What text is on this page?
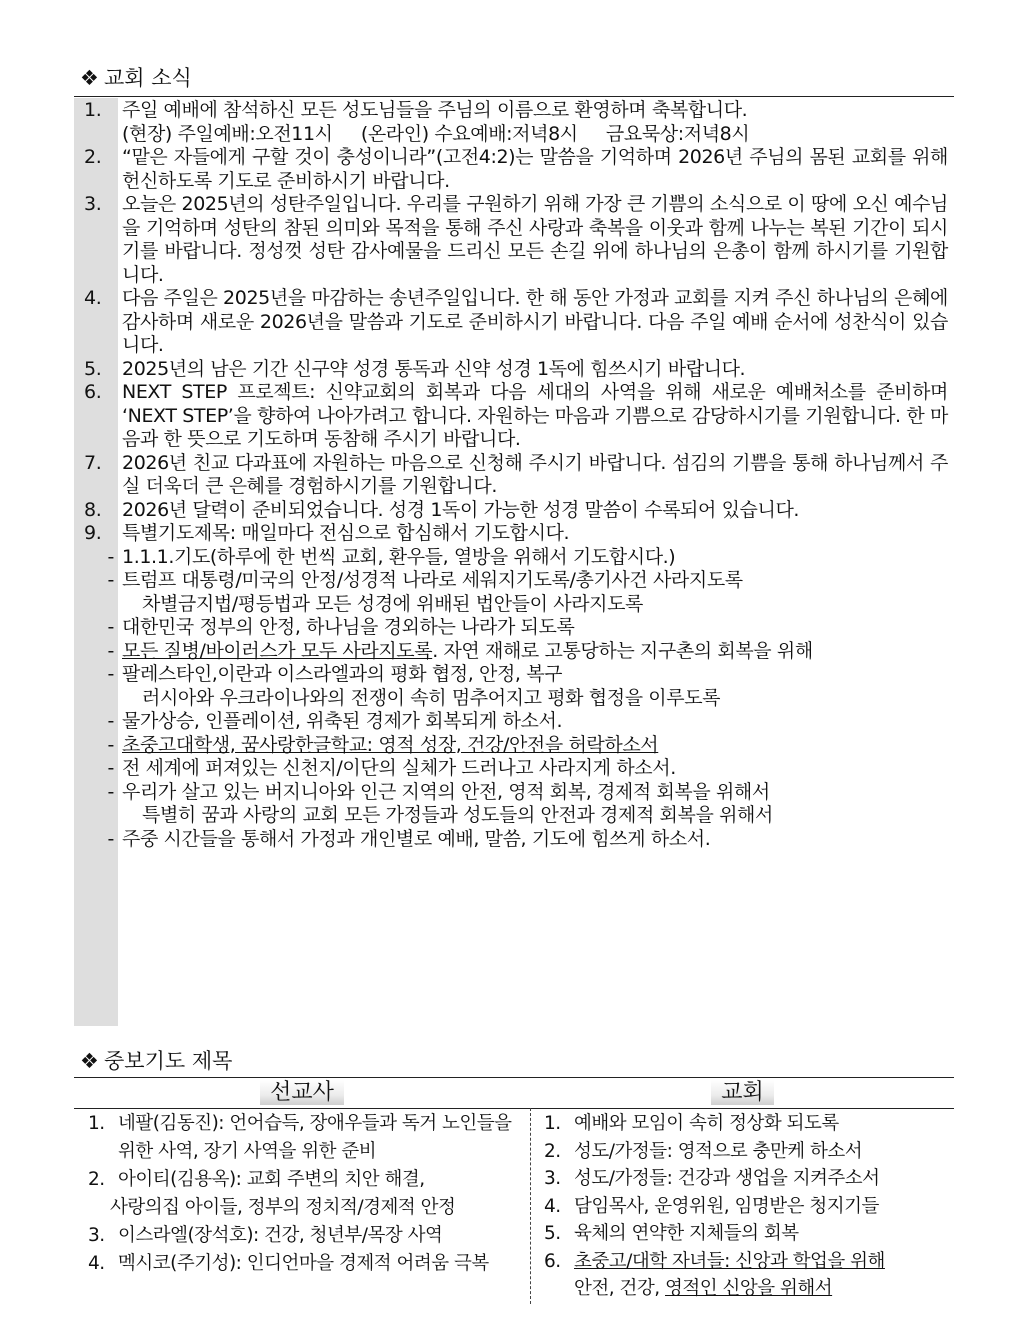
❖ 교회 소식
1.	주일 예배에 참석하신 모든 성도님들을 주님의 이름으로 환영하며 축복합니다.
(현장) 주일예배:오전11시     (온라인) 수요예배:저녁8시     금요묵상:저녁8시
2.	“맡은 자들에게 구할 것이 충성이니라”(고전4:2)는 말씀을 기억하며 2026년 주님의 몸된 교회를 위해 헌신하도록 기도로 준비하시기 바랍니다.
3.	오늘은 2025년의 성탄주일입니다. 우리를 구원하기 위해 가장 큰 기쁨의 소식으로 이 땅에 오신 예수님을 기억하며 성탄의 참된 의미와 목적을 통해 주신 사랑과 축복을 이웃과 함께 나누는 복된 기간이 되시기를 바랍니다. 정성껏 성탄 감사예물을 드리신 모든 손길 위에 하나님의 은총이 함께 하시기를 기원합니다.
4.	다음 주일은 2025년을 마감하는 송년주일입니다. 한 해 동안 가정과 교회를 지켜 주신 하나님의 은혜에 감사하며 새로운 2026년을 말씀과 기도로 준비하시기 바랍니다. 다음 주일 예배 순서에 성찬식이 있습니다.
5.	2025년의 남은 기간 신구약 성경 통독과 신약 성경 1독에 힘쓰시기 바랍니다.
6.	NEXT STEP 프로젝트: 신약교회의 회복과 다음 세대의 사역을 위해 새로운 예배처소를 준비하며 ‘NEXT STEP’을 향하여 나아가려고 합니다. 자원하는 마음과 기쁨으로 감당하시기를 기원합니다. 한 마음과 한 뜻으로 기도하며 동참해 주시기 바랍니다.
7.	2026년 친교 다과표에 자원하는 마음으로 신청해 주시기 바랍니다. 섬김의 기쁨을 통해 하나님께서 주실 더욱더 큰 은혜를 경험하시기를 기원합니다.
8.	2026년 달력이 준비되었습니다. 성경 1독이 가능한 성경 말씀이 수록되어 있습니다.
9.	특별기도제목: 매일마다 전심으로 합심해서 기도합시다.
- 1.1.1.기도(하루에 한 번씩 교회, 환우들, 열방을 위해서 기도합시다.)
- 트럼프 대통령/미국의 안정/성경적 나라로 세워지기도록/총기사건 사라지도록
차별금지법/평등법과 모든 성경에 위배된 법안들이 사라지도록
- 대한민국 정부의 안정, 하나님을 경외하는 나라가 되도록
- 모든 질병/바이러스가 모두 사라지도록. 자연 재해로 고통당하는 지구촌의 회복을 위해
- 팔레스타인,이란과 이스라엘과의 평화 협정, 안정, 복구
러시아와 우크라이나와의 전쟁이 속히 멈추어지고 평화 협정을 이루도록
- 물가상승, 인플레이션, 위축된 경제가 회복되게 하소서.
- 초중고대학생, 꿈사랑한글학교: 영적 성장, 건강/안전을 허락하소서
- 전 세계에 퍼져있는 신천지/이단의 실체가 드러나고 사라지게 하소서.
- 우리가 살고 있는 버지니아와 인근 지역의 안전, 영적 회복, 경제적 회복을 위해서
특별히 꿈과 사랑의 교회 모든 가정들과 성도들의 안전과 경제적 회복을 위해서
- 주중 시간들을 통해서 가정과 개인별로 예배, 말씀, 기도에 힘쓰게 하소서.
❖ 중보기도 제목
선교사	교회
1. 네팔(김동진): 언어습득, 장애우들과 독거 노인들을
위한 사역, 장기 사역을 위한 준비
2. 아이티(김용옥): 교회 주변의 치안 해결,
사랑의집 아이들, 정부의 정치적/경제적 안정
3. 이스라엘(장석호): 건강, 청년부/목장 사역
4. 멕시코(주기성): 인디언마을 경제적 어려움 극복
1. 예배와 모임이 속히 정상화 되도록
2. 성도/가정들: 영적으로 충만케 하소서
3. 성도/가정들: 건강과 생업을 지켜주소서
4. 담임목사, 운영위원, 임명받은 청지기들
5. 육체의 연약한 지체들의 회복
6. 초중고/대학 자녀들: 신앙과 학업을 위해
안전, 건강, 영적인 신앙을 위해서
